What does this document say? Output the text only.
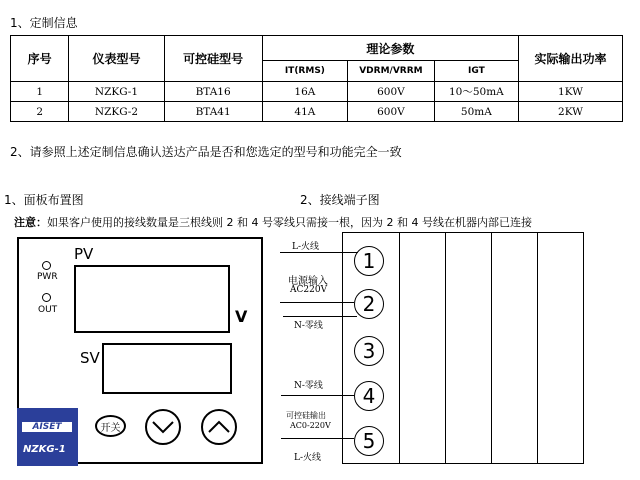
1、定制信息
序号	仪表型号	可控硅型号	理论参数			实际输出功率
			IT(RMS)	VDRM/VRRM	IGT	
1	NZKG-1	BTA16	16A	600V	10～50mA	1KW
2	NZKG-2	BTA41	41A	600V	50mA	2KW
2、请参照上述定制信息确认送达产品是否和您选定的型号和功能完全一致
1、面板布置图	2、接线端子图
注意：如果客户使用的接线数量是三根线则 2 和 4 号零线只需接一根，因为 2 和 4 号线在机器内部已连接
PWR
OUT
PV
V
SV
AISET
NZKG-1
开关
1
2
3
4
5
L-火线
电源输入
AC220V
N-零线
N-零线
可控硅输出
AC0-220V
L-火线
